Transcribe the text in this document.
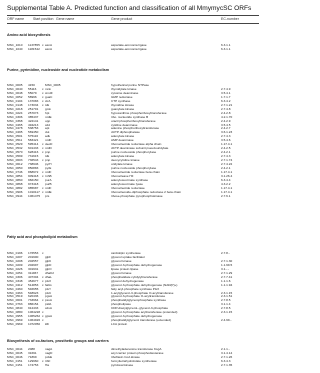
Supplemental Table A. Predicted function and classification of all MmymycSC ORFs
ORF name	Start position Gene name	Gene product	EC-number
Amino acid biosynthesis
MSC_1010 1137855 c asnA	aspartate-ammonia ligase	6.3.1.1
MSC_1040 1181542 asnA	aspartate-ammonia ligase	6.3.1.1
Purine, pyrimidine, nucleoside and nucleotide metabolism
MSC_0005 4150	MSC_0005	hypothetical purine NTPase
MSC_0040 55116 c mnk	thymidylate kinase	2.7.4.9
MSC_0048 55079 c cmdF	cytosine deaminase	3.5.4.1
MSC_0052 58996 c guaC	GMP reductase	1.7.1.7
MSC_0104 137083 c ctrA	CTP synthase	6.3.4.2
MSC_0148 173034 c tdk	thymidine kinase	2.7.1.21
MSC_0218 251701 gmk	guanylate kinase	2.7.4.8
MSC_0224 257073 hpt	hypoxanthine phosphoribosyltransferase	2.4.2.8
MSC_0306 385437 nrdE	ribo. nucleotide synthase B	4.2.1.70
MSC_0368 422141 upp	uracil phosphoribosyltransferase	2.4.2.9
MSC_0465 494213 cdd	cytidine deaminase	3.5.4.5
MSC_0478 538753 apt	adenine phosphoribosyltransferase	2.4.2.7
MSC_0495 569450 dut	dUTP diphosphatase	3.6.1.23
MSC_0501 575116 adk	adenylate kinase	2.7.4.3
MSC_0511 583421 nrdF	AMP deaminase	3.5.4.6
MSC_0529 595414 c deoD	ribonucleotide reductase alpha chain	1.17.4.1
MSC_0532 601433 c nrdD	dCTP deaminase subunit pseudouridylate	2.4.2.5
MSC_0570 628416 c pnp	purine nucleoside phosphorylase	2.4.2.1
MSC_0599 731615 tdk	adenylate kinase	2.7.4.3
MSC_0603 736543 c pnp	deoxycytidine kinase	2.7.1.74
MSC_0612 738946 pyrH	uridylate kinase	2.7.4.22
MSC_0650 850883 pyrE	purine nucleoside phosphorylase	2.4.2.1
MSC_0746 868972 c nrdF	ribonucleotide reductase beta chain	1.17.4.1
MSC_0854 909418 c rnhB	ribonuclease HII	3.1.26.4
MSC_0860 966150 purA	adenylosuccinate synthase	6.3.4.4
MSC_0868 973418 purB	adenylosuccinate lyase	4.3.2.2
MSC_0882 985687 c nrdF	ribonucleotide reductase	1.17.4.1
MSC_0906 1010117 c nrdE	ribonucleoside-diphosphate reductase 2 beta chain	1.17.4.1
MSC_0944 1061475 prs	ribose-phosphate pyrophosphokinase	2.7.6.1
Fatty acid and phospholipid metabolism
MSC_0196 176553 c	cardiolipin synthetase	2.7.8.-
MSC_0207 201900 glpF	glycerol uptake facilitator
MSC_0208 202557 glpK	glycerol kinase	2.7.1.30
MSC_0209 202997 glpD	glycerol-3-phosphate dehydrogenase	1.1.99.5
MSC_0226 301931 glpO	lipase protein lipase	3.1.-.-
MSC_0254 311967 dhaK2	glycerol kinase	2.7.1.29
MSC_0306 407304 c dhaL	phosphatidate cytidylyltransferase	2.7.7.41
MSC_0348 454677 c plsX	glycerol dehydrogenase	1.1.1.6
MSC_0412 514853 c fabG	glycerol-3-phosphate dehydrogenase (NAD(P)+)	1.1.1.94
MSC_0460 546655 plsY	fatty acyl-phosphate synthase PlsX
MSC_0463 548923 plsC	1-acylglycerol-3-phosphate O-acyltransferase	2.3.1.15
MSC_0519 620436 pgsA	glycerol-3-phosphate O-acyltransferase	2.3.1.51
MSC_0601 733964 c pssA	phosphatidylglycerophosphate synthase	2.7.8.5
MSC_0763 886154 ptdA	phospholipase	3.1.1.4
MSC_0840 912433 cdsA	CDP-diacylglycerol--glycerol-3-phosphate	2.7.8.5
MSC_0880 1064228 c	glycerol-3-phosphate acyltransferase (extended)	2.3.1.15
MSC_0955 1065262 c gpsA	glycerol-3-phosphate dehydrogenase
MSC_0969 1064926 c	phosphatidylglycerol transferase (extended)	2.4.99.-
MSC_0969 1072050 ldh	LCA protein
Biosynthesis of co-factors, prosthetic groups and carriers
MSC_0044 2088	nagA	dimethyladenosine transferase KsgA	2.1.1.-
MSC_0045 31691	nagD	acyl carrier protein phosphodiesterase	3.1.4.14
MSC_0046 71869	pdxE	riboflavin CoA kinase	2.7.1.26
MSC_0151 129960 c ribF	formyltetrahydrofolate synthetase	6.3.4.3
MSC_0151 174753 fhs	pyridoxal kinase	2.7.1.35
